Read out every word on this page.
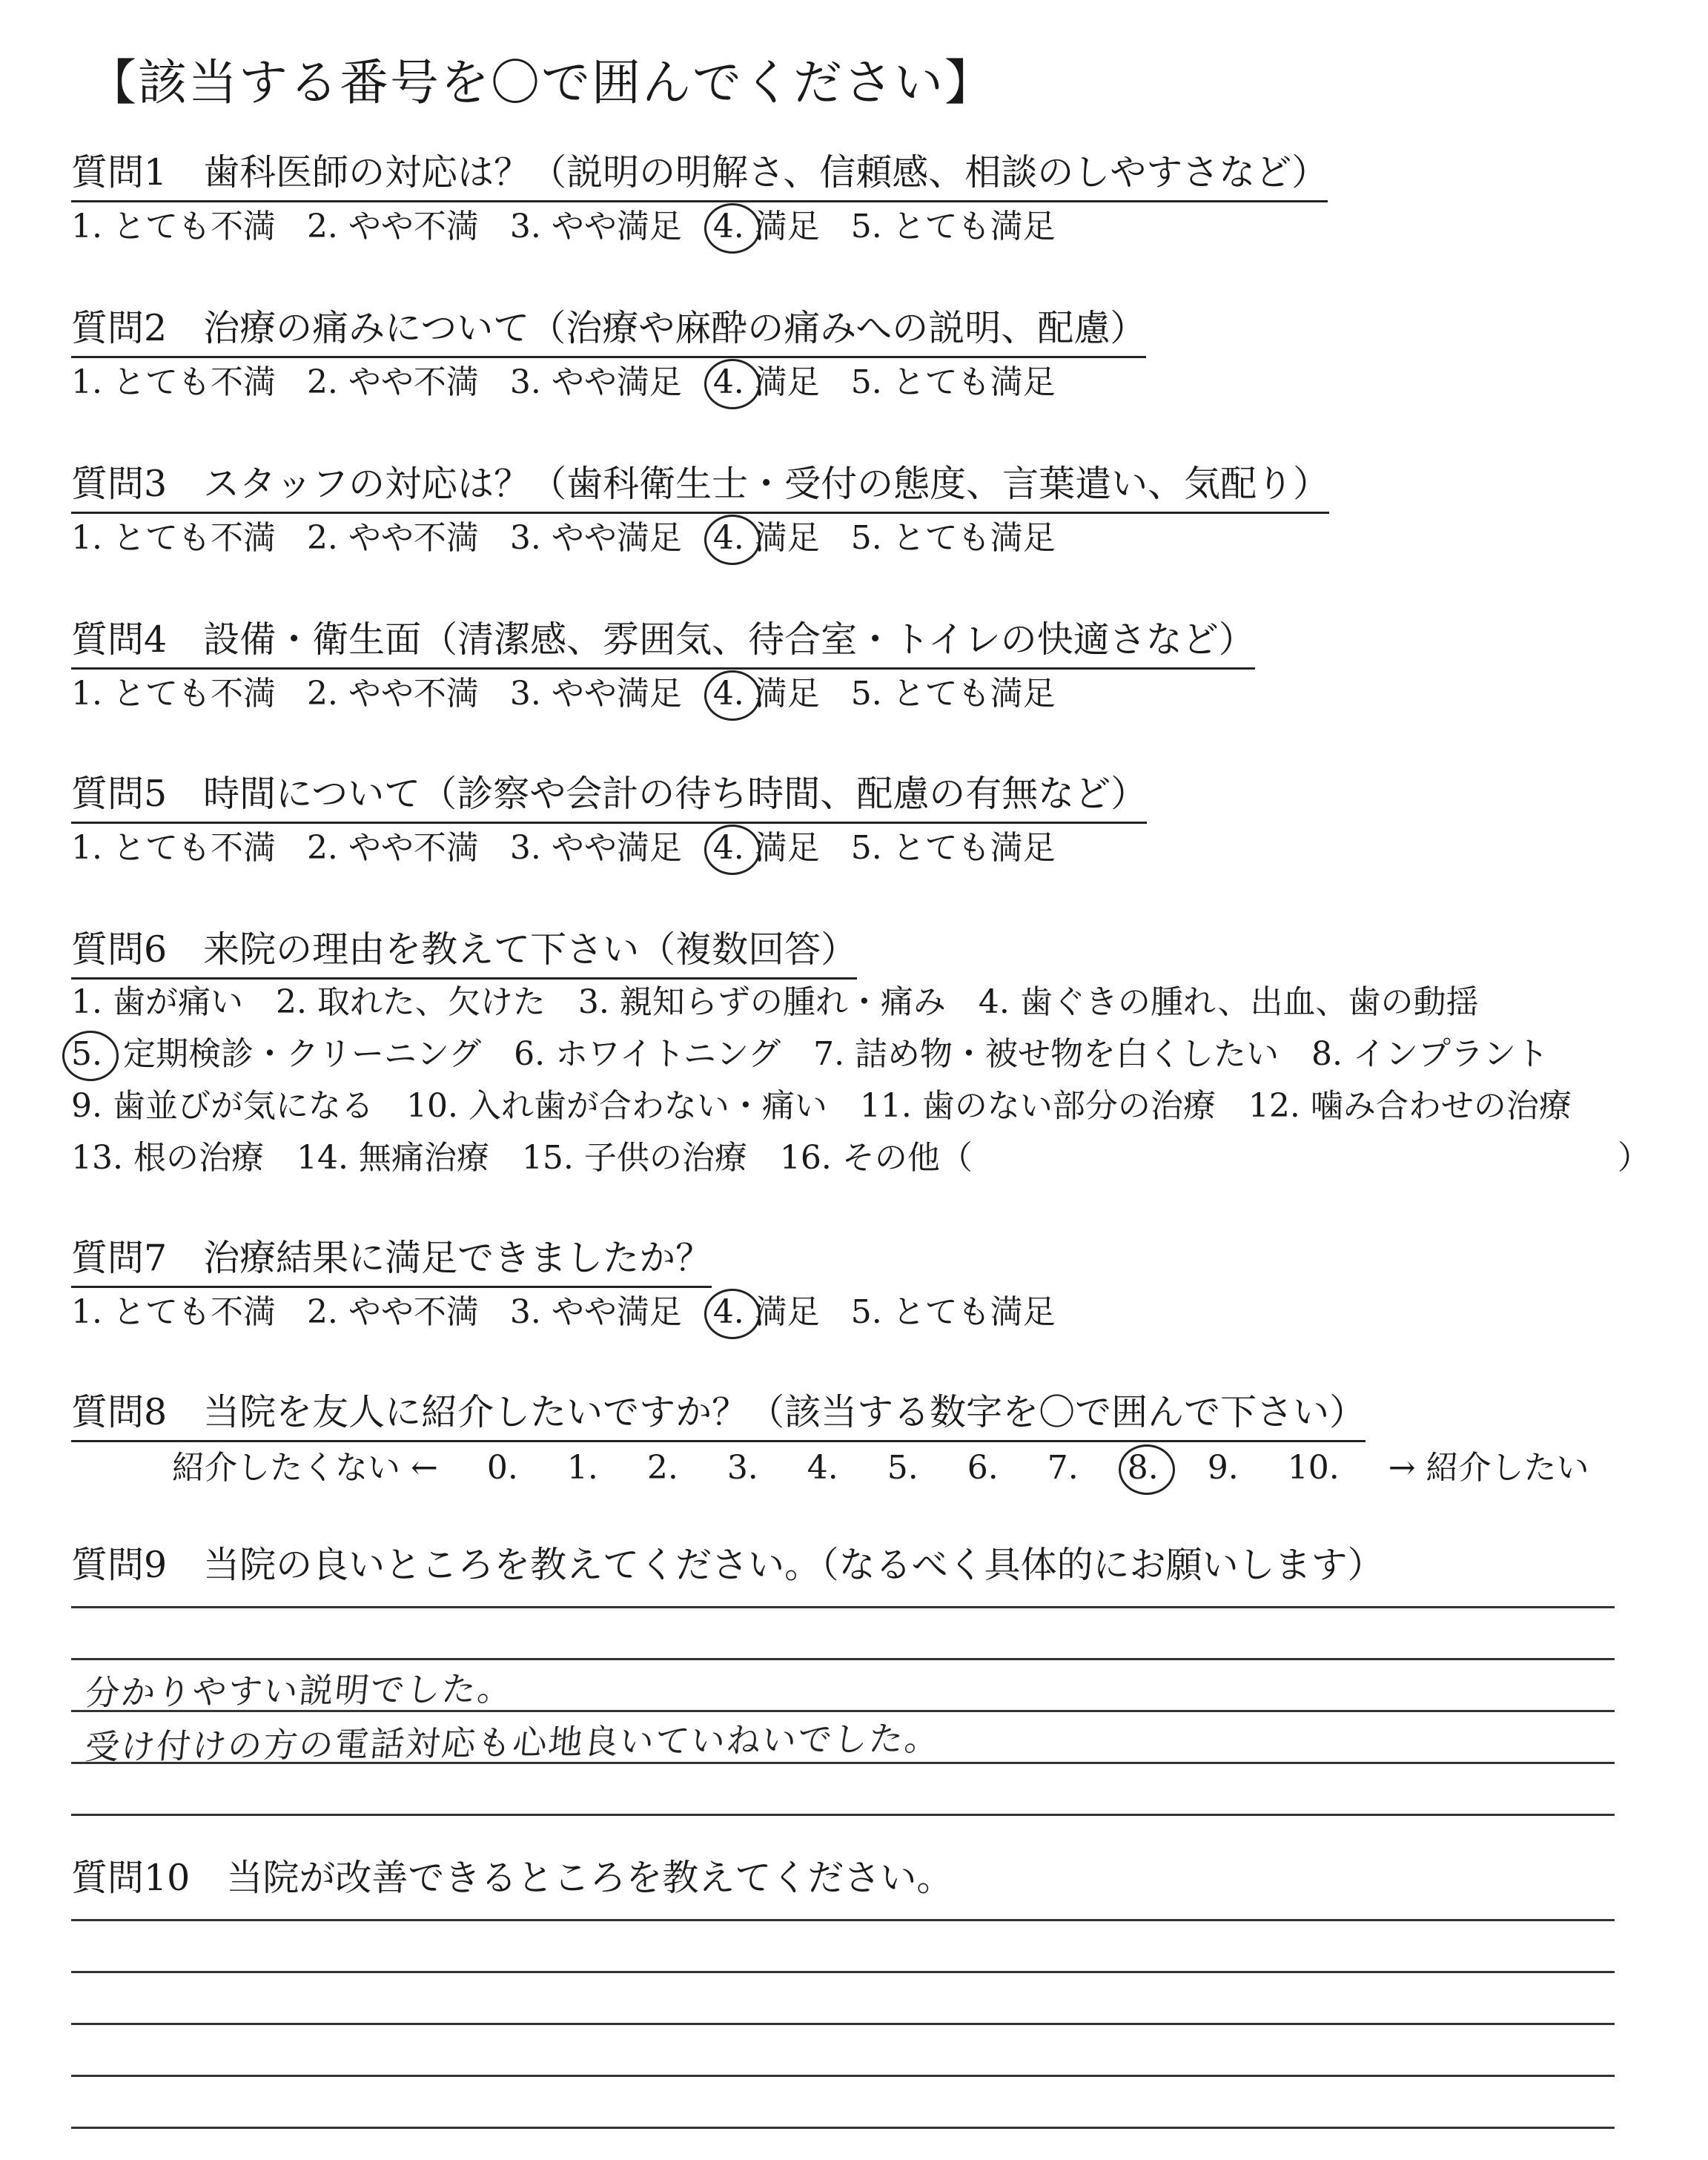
【該当する番号を〇で囲んでください】
質問1　歯科医師の対応は？（説明の明解さ、信頼感、相談のしやすさなど）
1. とても不満 2. やや不満 3. やや満足 4. 満足 5. とても満足
質問2　治療の痛みについて（治療や麻酔の痛みへの説明、配慮）
1. とても不満 2. やや不満 3. やや満足 4. 満足 5. とても満足
質問3　スタッフの対応は？（歯科衛生士・受付の態度、言葉遣い、気配り）
1. とても不満 2. やや不満 3. やや満足 4. 満足 5. とても満足
質問4　設備・衛生面（清潔感、雰囲気、待合室・トイレの快適さなど）
1. とても不満 2. やや不満 3. やや満足 4. 満足 5. とても満足
質問5　時間について（診察や会計の待ち時間、配慮の有無など）
1. とても不満 2. やや不満 3. やや満足 4. 満足 5. とても満足
質問6　来院の理由を教えて下さい（複数回答）
1. 歯が痛い　2. 取れた、欠けた　3. 親知らずの腫れ・痛み　4. 歯ぐきの腫れ、出血、歯の動揺
5. 定期検診・クリーニング　6. ホワイトニング　7. 詰め物・被せ物を白くしたい　8. インプラント
9. 歯並びが気になる　10. 入れ歯が合わない・痛い　11. 歯のない部分の治療　12. 噛み合わせの治療
13. 根の治療　14. 無痛治療　15. 子供の治療　16. その他（	）
質問7　治療結果に満足できましたか？
1. とても不満 2. やや不満 3. やや満足 4. 満足 5. とても満足
質問8　当院を友人に紹介したいですか？（該当する数字を〇で囲んで下さい）
紹介したくない ← 0. 1. 2. 3. 4. 5. 6. 7. 8. 9. 10. → 紹介したい
質問9　当院の良いところを教えてください。（なるべく具体的にお願いします）
分かりやすい説明でした。
受け付けの方の電話対応も心地良いていねいでした。
質問10　当院が改善できるところを教えてください。
